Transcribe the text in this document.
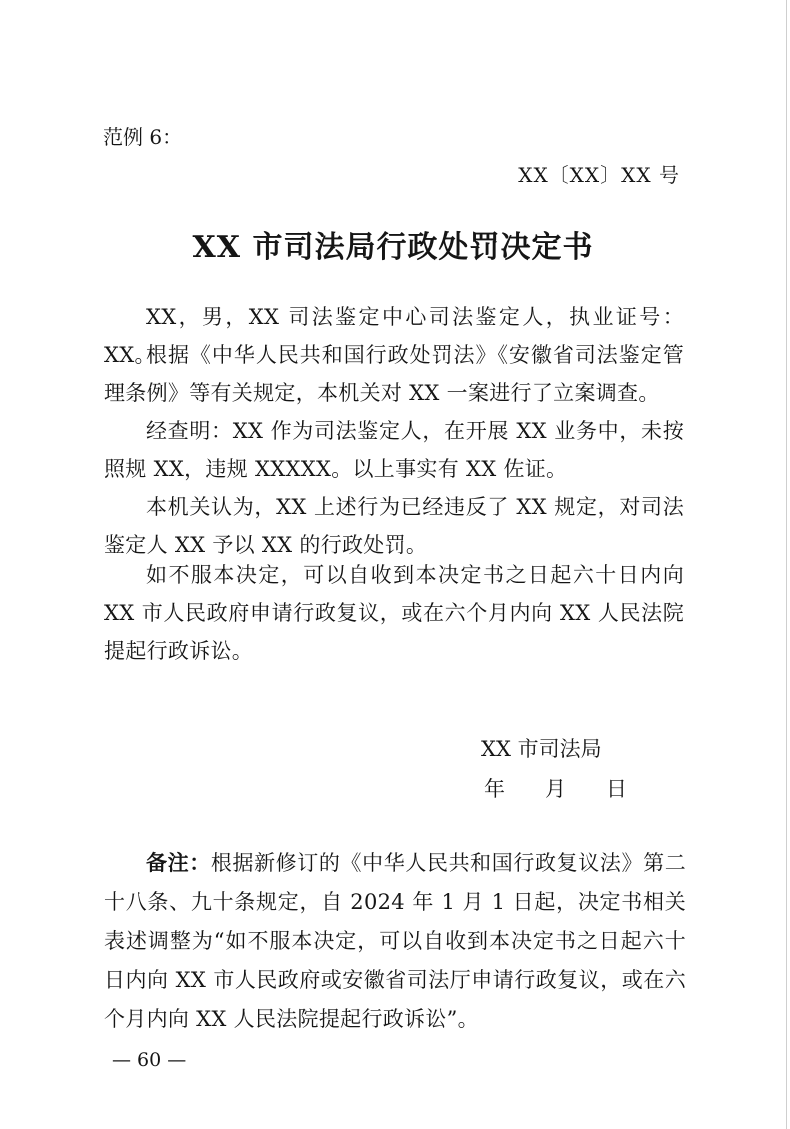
范例 6：
XX〔XX〕XX 号
XX 市司法局行政处罚决定书
XX，男，XX 司法鉴定中心司法鉴定人，执业证号：XX。
根据《中华人民共和国行政处罚法》《安徽省司法鉴定管理条例》等有关规定，本机关对 XX 一案进行了立案调查。
经查明：XX 作为司法鉴定人，在开展 XX 业务中，未按照规 XX，违规 XXXXX。以上事实有 XX 佐证。
本机关认为，XX 上述行为已经违反了 XX 规定，对司法鉴定人 XX 予以 XX 的行政处罚。
如不服本决定，可以自收到本决定书之日起六十日内向 XX 市人民政府申请行政复议，或在六个月内向 XX 人民法院提起行政诉讼。
XX 市司法局
年 月 日
备注：根据新修订的《中华人民共和国行政复议法》第二十八条、九十条规定，自 2024 年 1 月 1 日起，决定书相关表述调整为“如不服本决定，可以自收到本决定书之日起六十日内向 XX 市人民政府或安徽省司法厅申请行政复议，或在六个月内向 XX 人民法院提起行政诉讼”。
— 60 —
